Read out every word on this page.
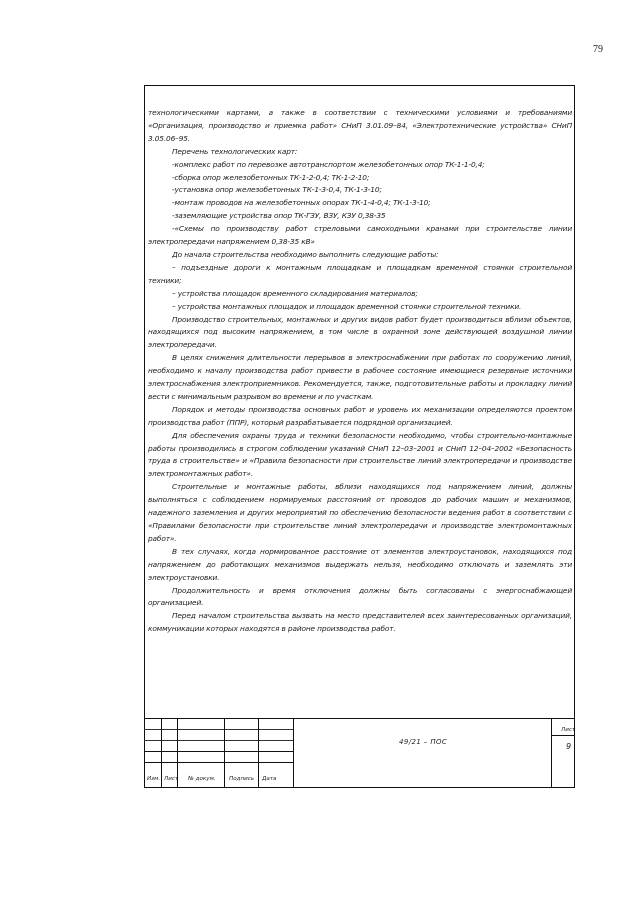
79

технологическими картами, а также в соответствии с техническими условиями и требованиями «Организация, производство и приемка работ» СНиП 3.01.09–84, «Электротехнические устройства» СНиП 3.05.06–95.

Перечень технологических карт:

-комплекс работ по перевозке автотранспортом железобетонных опор ТК-1-1-0,4;

-сборка опор железобетонных ТК-1-2-0,4; ТК-1-2-10;

-установка опор железобетонных ТК-1-3-0,4, ТК-1-3-10;

-монтаж проводов на железобетонных опорах ТК-1-4-0,4; ТК-1-3-10;

-заземляющие устройства опор ТК-ГЗУ, ВЗУ, КЗУ 0,38-35

-«Схемы по производству работ стреловыми самоходными кранами при строительстве линии электропередачи напряжением 0,38-35 кВ»

До начала строительства необходимо выполнить следующие работы:

– подъездные дороги к монтажным площадкам и площадкам временной стоянки строительной техники;

– устройства площадок временного складирования материалов;

– устройства монтажных площадок и площадок временной стоянки строительной техники.

Производство строительных, монтажных и других видов работ будет производиться вблизи объектов, находящихся под высоким напряжением, в том числе в охранной зоне действующей воздушной линии электропередачи.

В целях снижения длительности перерывов в электроснабжении при работах по сооружению линий, необходимо к началу производства работ привести в рабочее состояние имеющиеся резервные источники электроснабжения электроприемников. Рекомендуется, также, подготовительные работы и прокладку линий вести с минимальным разрывом во времени и по участкам.

Порядок и методы производства основных работ и уровень их механизации определяются проектом производства работ (ППР), который разрабатывается подрядной организацией.

Для обеспечения охраны труда и техники безопасности необходимо, чтобы строительно-монтажные работы производились в строгом соблюдении указаний СНиП 12–03–2001 и СНиП 12–04–2002 «Безопасность труда в строительстве» и «Правила безопасности при строительстве линий электропередачи и производстве электромонтажных работ».

Строительные и монтажные работы, вблизи находящихся под напряжением линий, должны выполняться с соблюдением нормируемых расстояний от проводов до рабочих машин и механизмов, надежного заземления и других мероприятий по обеспечению безопасности ведения работ в соответствии с «Правилами безопасности при строительстве линий электропередачи и производстве электромонтажных работ».

В тех случаях, когда нормированное расстояние от элементов электроустановок, находящихся под напряжением до работающих механизмов выдержать нельзя, необходимо отключать и заземлять эти электроустановки.

Продолжительность и время отключения должны быть согласованы с энергоснабжающей организацией.

Перед началом строительства вызвать на место представителей всех заинтересованных организаций, коммуникации которых находятся в районе производства работ.

Изм. Лист № докум. Подпись Дата
49/21 – ПОС
Лист
9
